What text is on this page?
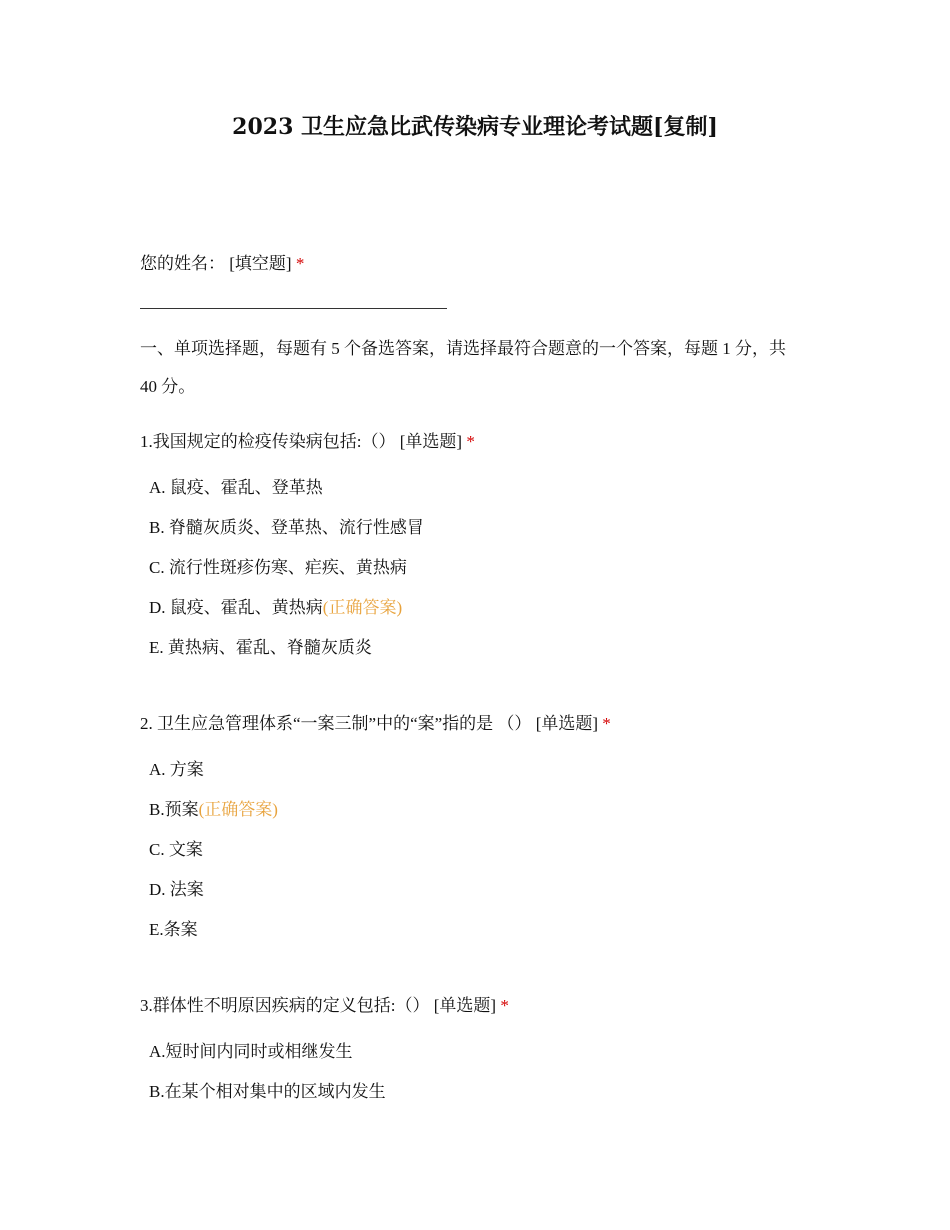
2023 卫生应急比武传染病专业理论考试题[复制]
您的姓名： [填空题] *
一、单项选择题，每题有 5 个备选答案，请选择最符合题意的一个答案，每题 1 分，共 40 分。
1.我国规定的检疫传染病包括:（） [单选题] *
A. 鼠疫、霍乱、登革热
B. 脊髓灰质炎、登革热、流行性感冒
C. 流行性斑疹伤寒、疟疾、黄热病
D. 鼠疫、霍乱、黄热病(正确答案)
E. 黄热病、霍乱、脊髓灰质炎
2. 卫生应急管理体系“一案三制”中的“案”指的是 （） [单选题] *
A. 方案
B.预案(正确答案)
C. 文案
D. 法案
E.条案
3.群体性不明原因疾病的定义包括:（） [单选题] *
A.短时间内同时或相继发生
B.在某个相对集中的区域内发生
